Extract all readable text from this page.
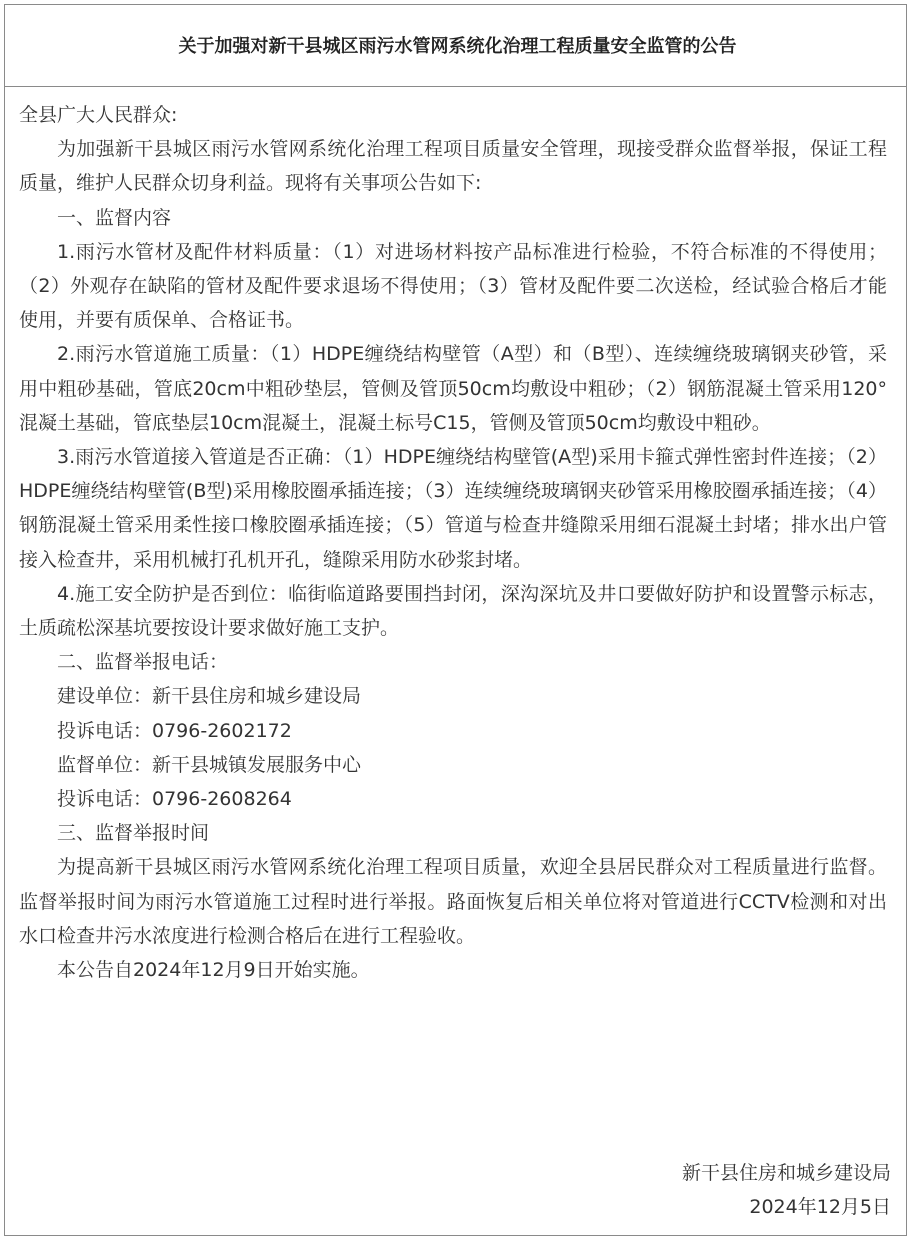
关于加强对新干县城区雨污水管网系统化治理工程质量安全监管的公告

全县广大人民群众:

为加强新干县城区雨污水管网系统化治理工程项目质量安全管理，现接受群众监督举报，保证工程质量，维护人民群众切身利益。现将有关事项公告如下:

一、监督内容

1.雨污水管材及配件材料质量：（1）对进场材料按产品标准进行检验，不符合标准的不得使用；（2）外观存在缺陷的管材及配件要求退场不得使用；（3）管材及配件要二次送检，经试验合格后才能使用，并要有质保单、合格证书。

2.雨污水管道施工质量：（1）HDPE缠绕结构壁管（A型）和（B型）、连续缠绕玻璃钢夹砂管，采用中粗砂基础，管底20cm中粗砂垫层，管侧及管顶50cm均敷设中粗砂；（2）钢筋混凝土管采用120°混凝土基础，管底垫层10cm混凝土，混凝土标号C15，管侧及管顶50cm均敷设中粗砂。

3.雨污水管道接入管道是否正确：（1）HDPE缠绕结构壁管(A型)采用卡箍式弹性密封件连接；（2）HDPE缠绕结构壁管(B型)采用橡胶圈承插连接；（3）连续缠绕玻璃钢夹砂管采用橡胶圈承插连接；（4）钢筋混凝土管采用柔性接口橡胶圈承插连接；（5）管道与检查井缝隙采用细石混凝土封堵；排水出户管接入检查井，采用机械打孔机开孔，缝隙采用防水砂浆封堵。

4.施工安全防护是否到位：临街临道路要围挡封闭，深沟深坑及井口要做好防护和设置警示标志，土质疏松深基坑要按设计要求做好施工支护。

二、监督举报电话：

建设单位：新干县住房和城乡建设局

投诉电话：0796-2602172

监督单位：新干县城镇发展服务中心

投诉电话：0796-2608264

三、监督举报时间

为提高新干县城区雨污水管网系统化治理工程项目质量，欢迎全县居民群众对工程质量进行监督。监督举报时间为雨污水管道施工过程时进行举报。路面恢复后相关单位将对管道进行CCTV检测和对出水口检查井污水浓度进行检测合格后在进行工程验收。

本公告自2024年12月9日开始实施。

新干县住房和城乡建设局
2024年12月5日
